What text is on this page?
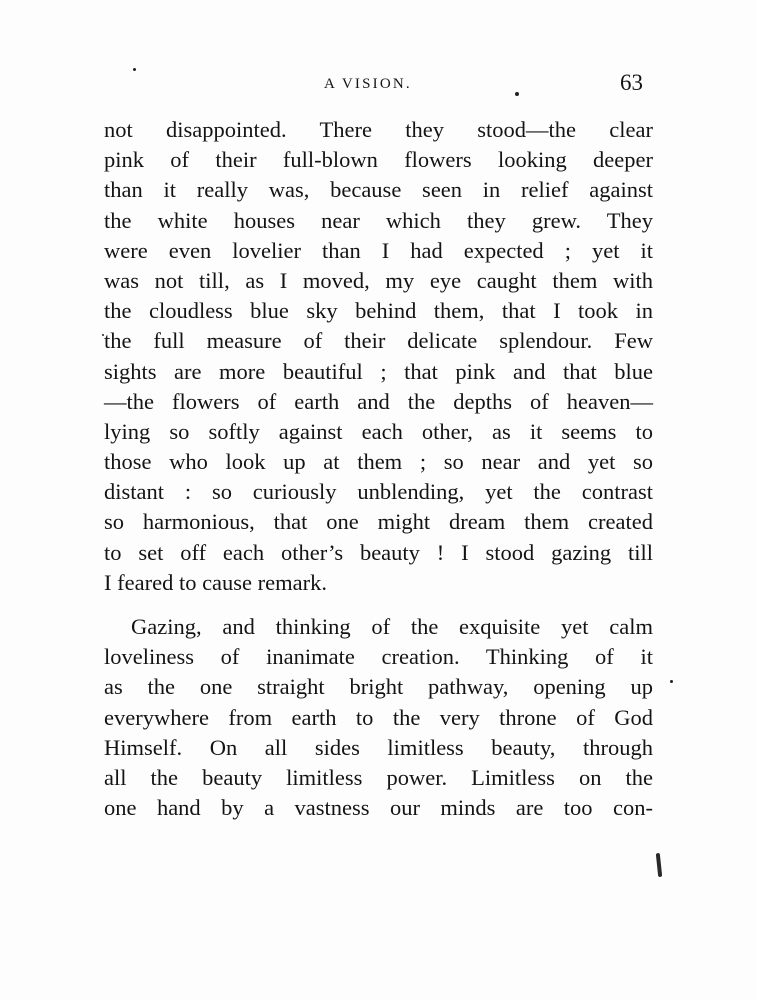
A VISION.	63

not disappointed. There they stood—the clear
pink of their full-blown flowers looking deeper
than it really was, because seen in relief against
the white houses near which they grew. They
were even lovelier than I had expected ; yet it
was not till, as I moved, my eye caught them with
the cloudless blue sky behind them, that I took in
the full measure of their delicate splendour. Few
sights are more beautiful ; that pink and that blue
—the flowers of earth and the depths of heaven—
lying so softly against each other, as it seems to
those who look up at them ; so near and yet so
distant : so curiously unblending, yet the contrast
so harmonious, that one might dream them created
to set off each other’s beauty ! I stood gazing till
I feared to cause remark.

Gazing, and thinking of the exquisite yet calm
loveliness of inanimate creation. Thinking of it
as the one straight bright pathway, opening up
everywhere from earth to the very throne of God
Himself. On all sides limitless beauty, through
all the beauty limitless power. Limitless on the
one hand by a vastness our minds are too con-
